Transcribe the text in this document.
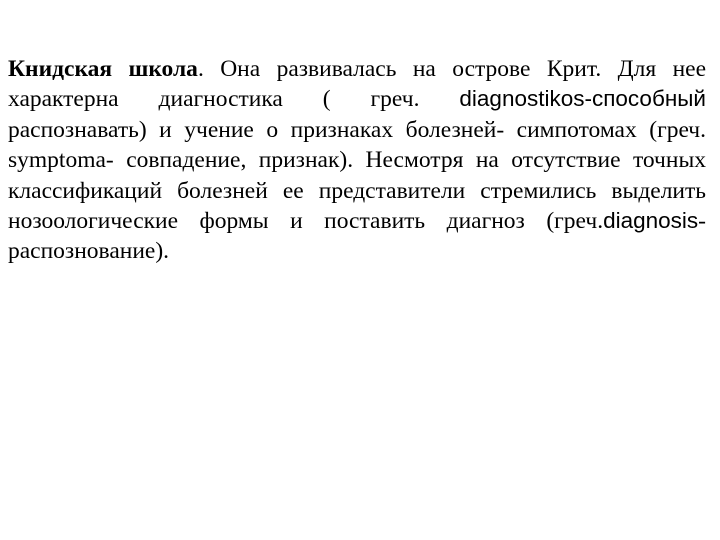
Книдская школа. Она развивалась на острове Крит. Для нее характерна диагностика ( греч. diagnostikos-способный распознавать) и учение о признаках болезней- симпотомах (греч. symptoma- совпадение, признак). Несмотря на отсутствие точных классификаций болезней ее представители стремились выделить нозоологические формы и поставить диагноз (греч.diagnosis-распознование).
